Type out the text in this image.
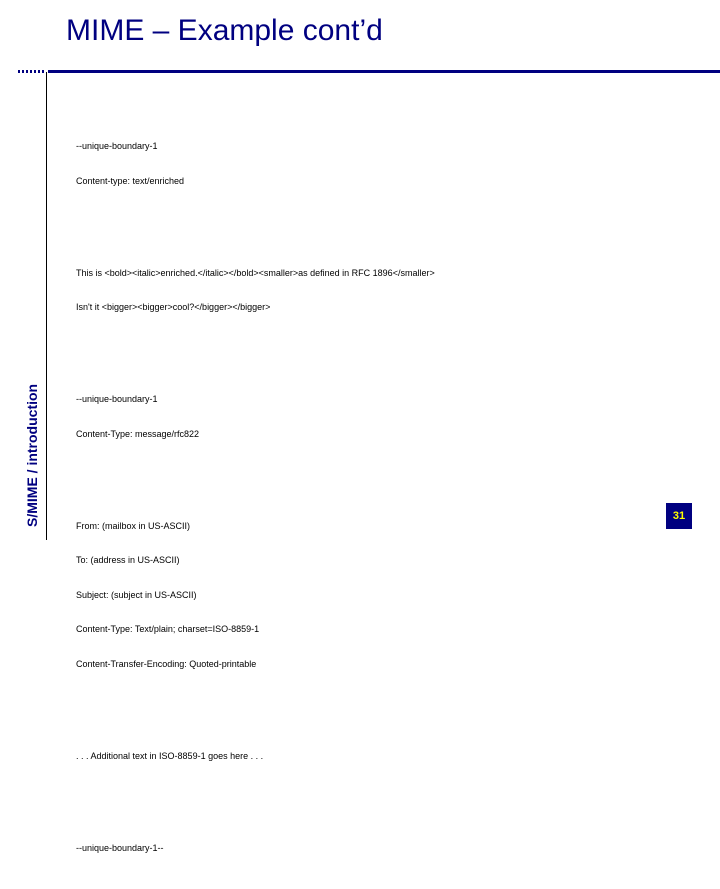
MIME – Example cont’d
S/MIME / introduction

--unique-boundary-1

Content-type: text/enriched

This is <bold><italic>enriched.</italic></bold><smaller>as defined in RFC 1896</smaller>

Isn't it <bigger><bigger>cool?</bigger></bigger>

--unique-boundary-1

Content-Type: message/rfc822

From: (mailbox in US-ASCII)

To: (address in US-ASCII)

Subject: (subject in US-ASCII)

Content-Type: Text/plain; charset=ISO-8859-1

Content-Transfer-Encoding: Quoted-printable

. . . Additional text in ISO-8859-1 goes here . . .

--unique-boundary-1--

31
